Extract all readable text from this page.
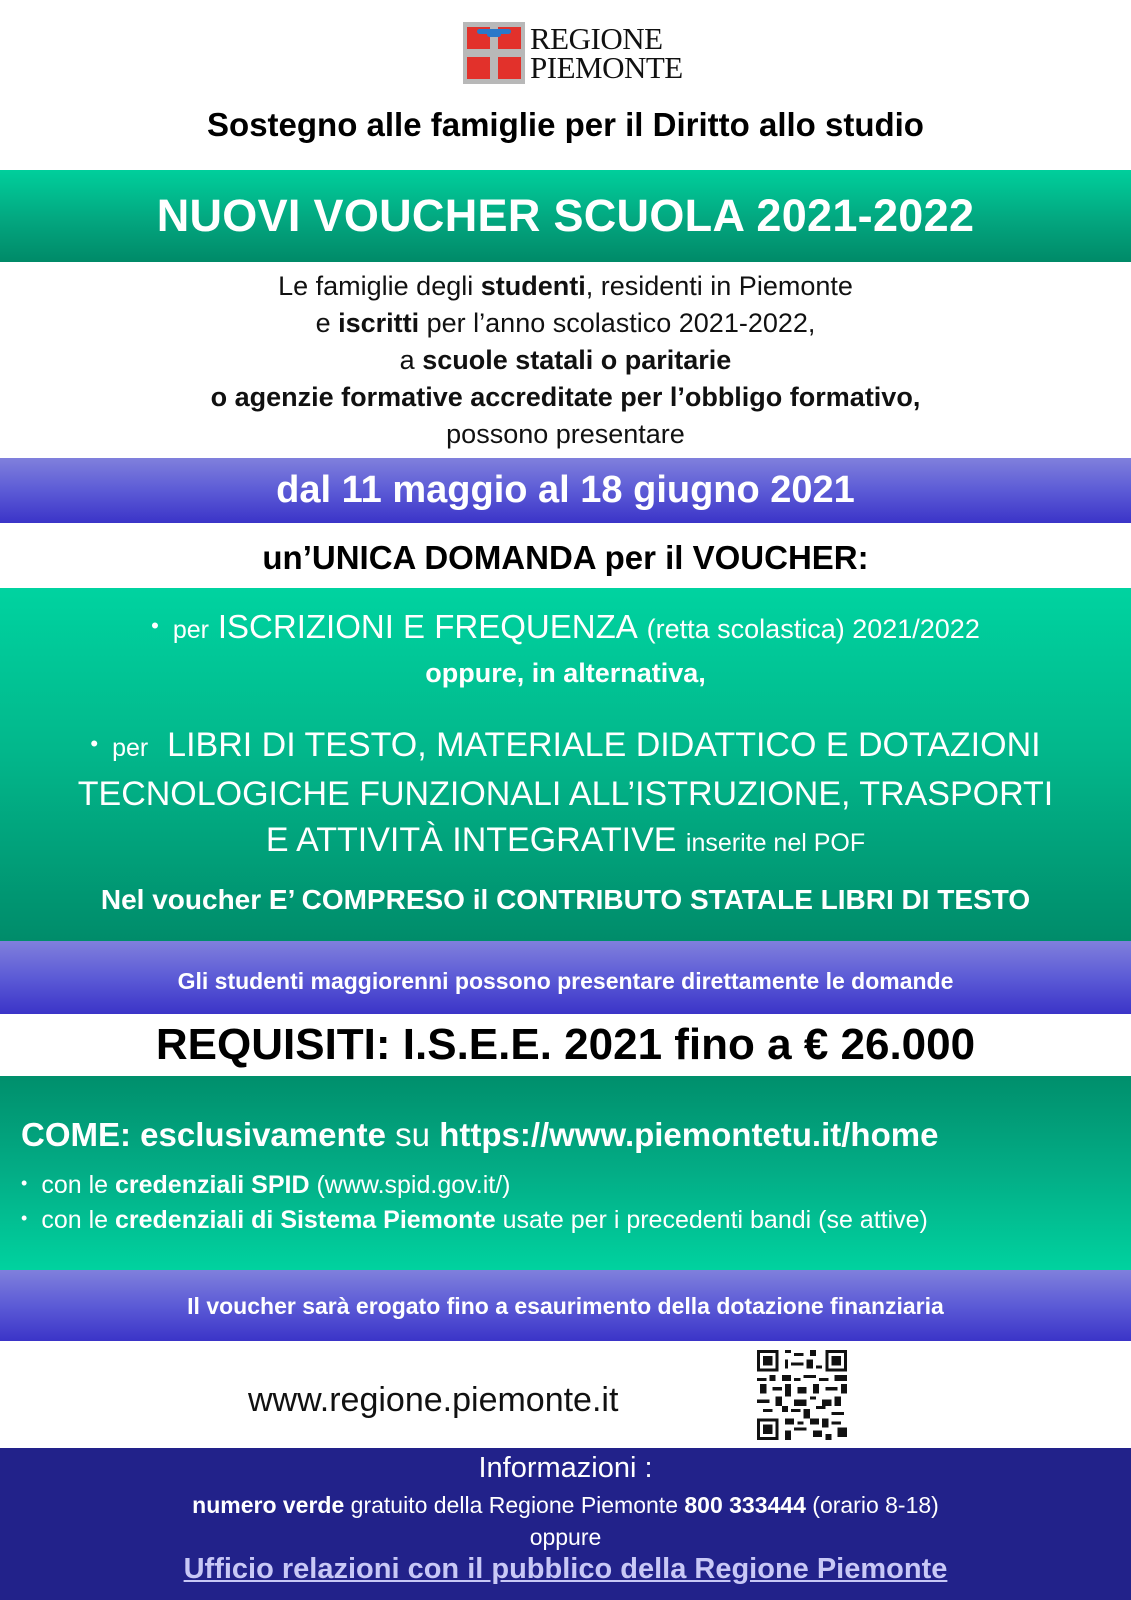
REGIONE
PIEMONTE
Sostegno alle famiglie per il Diritto allo studio
NUOVI VOUCHER SCUOLA 2021-2022
Le famiglie degli studenti, residenti in Piemonte
e iscritti per l’anno scolastico 2021-2022,
a scuole statali o paritarie
o agenzie formative accreditate per l’obbligo formativo,
possono presentare
dal 11 maggio al 18 giugno 2021
un’UNICA DOMANDA per il VOUCHER:
• per ISCRIZIONI E FREQUENZA (retta scolastica) 2021/2022
oppure, in alternativa,
• per LIBRI DI TESTO, MATERIALE DIDATTICO E DOTAZIONI
TECNOLOGICHE FUNZIONALI ALL’ISTRUZIONE, TRASPORTI
E ATTIVITÀ INTEGRATIVE inserite nel POF
Nel voucher E’ COMPRESO il CONTRIBUTO STATALE LIBRI DI TESTO
Gli studenti maggiorenni possono presentare direttamente le domande
REQUISITI: I.S.E.E. 2021 fino a € 26.000
COME: esclusivamente su https://www.piemontetu.it/home
• con le credenziali SPID (www.spid.gov.it/)
• con le credenziali di Sistema Piemonte usate per i precedenti bandi (se attive)
Il voucher sarà erogato fino a esaurimento della dotazione finanziaria
www.regione.piemonte.it
Informazioni :
numero verde gratuito della Regione Piemonte 800 333444 (orario 8-18)
oppure
Ufficio relazioni con il pubblico della Regione Piemonte
